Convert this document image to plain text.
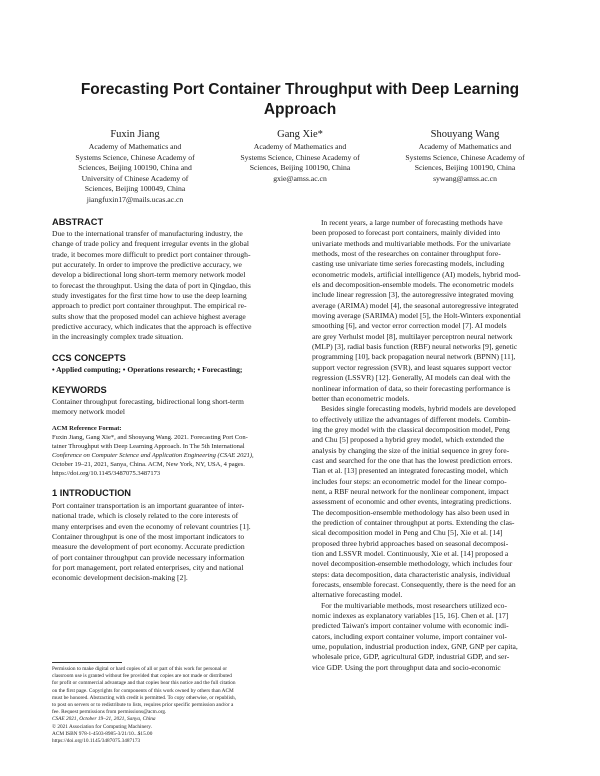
Forecasting Port Container Throughput with Deep Learning
Approach
Fuxin Jiang
Academy of Mathematics and
Systems Science, Chinese Academy of
Sciences, Beijing 100190, China and
University of Chinese Academy of
Sciences, Beijing 100049, China
jiangfuxin17@mails.ucas.ac.cn
Gang Xie*
Academy of Mathematics and
Systems Science, Chinese Academy of
Sciences, Beijing 100190, China
gxie@amss.ac.cn
Shouyang Wang
Academy of Mathematics and
Systems Science, Chinese Academy of
Sciences, Beijing 100190, China
sywang@amss.ac.cn
ABSTRACT
Due to the international transfer of manufacturing industry, the
change of trade policy and frequent irregular events in the global
trade, it becomes more difficult to predict port container through-
put accurately. In order to improve the predictive accuracy, we
develop a bidirectional long short-term memory network model
to forecast the throughput. Using the data of port in Qingdao, this
study investigates for the first time how to use the deep learning
approach to predict port container throughput. The empirical re-
sults show that the proposed model can achieve highest average
predictive accuracy, which indicates that the approach is effective
in the increasingly complex trade situation.
CCS CONCEPTS
• Applied computing; • Operations research; • Forecasting;
KEYWORDS
Container throughput forecasting, bidirectional long short-term
memory network model
ACM Reference Format:
Fuxin Jiang, Gang Xie*, and Shouyang Wang. 2021. Forecasting Port Con-
tainer Throughput with Deep Learning Approach. In The 5th International
Conference on Computer Science and Application Engineering (CSAE 2021),
October 19–21, 2021, Sanya, China. ACM, New York, NY, USA, 4 pages.
https://doi.org/10.1145/3487075.3487173
1 INTRODUCTION
Port container transportation is an important guarantee of inter-
national trade, which is closely related to the core interests of
many enterprises and even the economy of relevant countries [1].
Container throughput is one of the most important indicators to
measure the development of port economy. Accurate prediction
of port container throughput can provide necessary information
for port management, port related enterprises, city and national
economic development decision-making [2].
Permission to make digital or hard copies of all or part of this work for personal or
classroom use is granted without fee provided that copies are not made or distributed
for profit or commercial advantage and that copies bear this notice and the full citation
on the first page. Copyrights for components of this work owned by others than ACM
must be honored. Abstracting with credit is permitted. To copy otherwise, or republish,
to post on servers or to redistribute to lists, requires prior specific permission and/or a
fee. Request permissions from permissions@acm.org.
CSAE 2021, October 19–21, 2021, Sanya, China
© 2021 Association for Computing Machinery.
ACM ISBN 978-1-4503-8985-3/21/10...$15.00
https://doi.org/10.1145/3487075.3487173
In recent years, a large number of forecasting methods have
been proposed to forecast port containers, mainly divided into
univariate methods and multivariable methods. For the univariate
methods, most of the researches on container throughput fore-
casting use univariate time series forecasting models, including
econometric models, artificial intelligence (AI) models, hybrid mod-
els and decomposition-ensemble models. The econometric models
include linear regression [3], the autoregressive integrated moving
average (ARIMA) model [4], the seasonal autoregressive integrated
moving average (SARIMA) model [5], the Holt-Winters exponential
smoothing [6], and vector error correction model [7]. AI models
are grey Verhulst model [8], multilayer perceptron neural network
(MLP) [3], radial basis function (RBF) neural networks [9], genetic
programming [10], back propagation neural network (BPNN) [11],
support vector regression (SVR), and least squares support vector
regression (LSSVR) [12]. Generally, AI models can deal with the
nonlinear information of data, so their forecasting performance is
better than econometric models.
Besides single forecasting models, hybrid models are developed
to effectively utilize the advantages of different models. Combin-
ing the grey model with the classical decomposition model, Peng
and Chu [5] proposed a hybrid grey model, which extended the
analysis by changing the size of the initial sequence in grey fore-
cast and searched for the one that has the lowest prediction errors.
Tian et al. [13] presented an integrated forecasting model, which
includes four steps: an econometric model for the linear compo-
nent, a RBF neural network for the nonlinear component, impact
assessment of economic and other events, integrating predictions.
The decomposition-ensemble methodology has also been used in
the prediction of container throughput at ports. Extending the clas-
sical decomposition model in Peng and Chu [5], Xie et al. [14]
proposed three hybrid approaches based on seasonal decomposi-
tion and LSSVR model. Continuously, Xie et al. [14] proposed a
novel decomposition-ensemble methodology, which includes four
steps: data decomposition, data characteristic analysis, individual
forecasts, ensemble forecast. Consequently, there is the need for an
alternative forecasting model.
For the multivariable methods, most researchers utilized eco-
nomic indexes as explanatory variables [15, 16]. Chen et al. [17]
predicted Taiwan's import container volume with economic indi-
cators, including export container volume, import container vol-
ume, population, industrial production index, GNP, GNP per capita,
wholesale price, GDP, agricultural GDP, industrial GDP, and ser-
vice GDP. Using the port throughput data and socio-economic
